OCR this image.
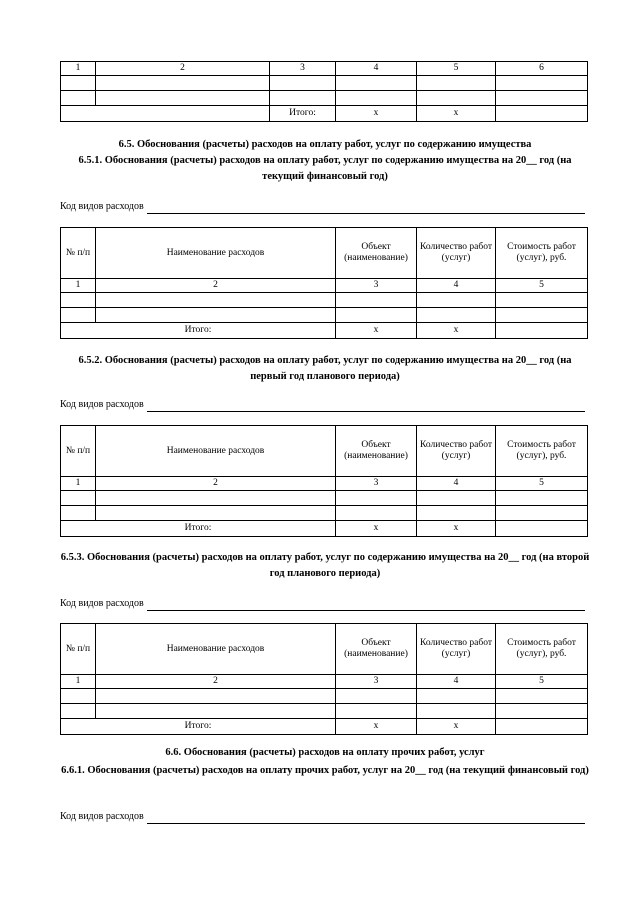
1	2	3	4	5	6

		Итого:	x	x	
6.5. Обоснования (расчеты) расходов на оплату работ, услуг по содержанию имущества
6.5.1. Обоснования (расчеты) расходов на оплату работ, услуг по содержанию имущества на 20__ год (на текущий финансовый год)
Код видов расходов
№ п/п	Наименование расходов	Объект (наименование)	Количество работ (услуг)	Стоимость работ (услуг), руб.
1	2	3	4	5

Итого:		x	x	
6.5.2. Обоснования (расчеты) расходов на оплату работ, услуг по содержанию имущества на 20__ год (на первый год планового периода)
Код видов расходов
№ п/п	Наименование расходов	Объект (наименование)	Количество работ (услуг)	Стоимость работ (услуг), руб.
1	2	3	4	5

Итого:		x	x	
6.5.3. Обоснования (расчеты) расходов на оплату работ, услуг по содержанию имущества на 20__ год (на второй год планового периода)
Код видов расходов
№ п/п	Наименование расходов	Объект (наименование)	Количество работ (услуг)	Стоимость работ (услуг), руб.
1	2	3	4	5

Итого:		x	x	
6.6. Обоснования (расчеты) расходов на оплату прочих работ, услуг
6.6.1. Обоснования (расчеты) расходов на оплату прочих работ, услуг на 20__ год (на текущий финансовый год)
Код видов расходов
